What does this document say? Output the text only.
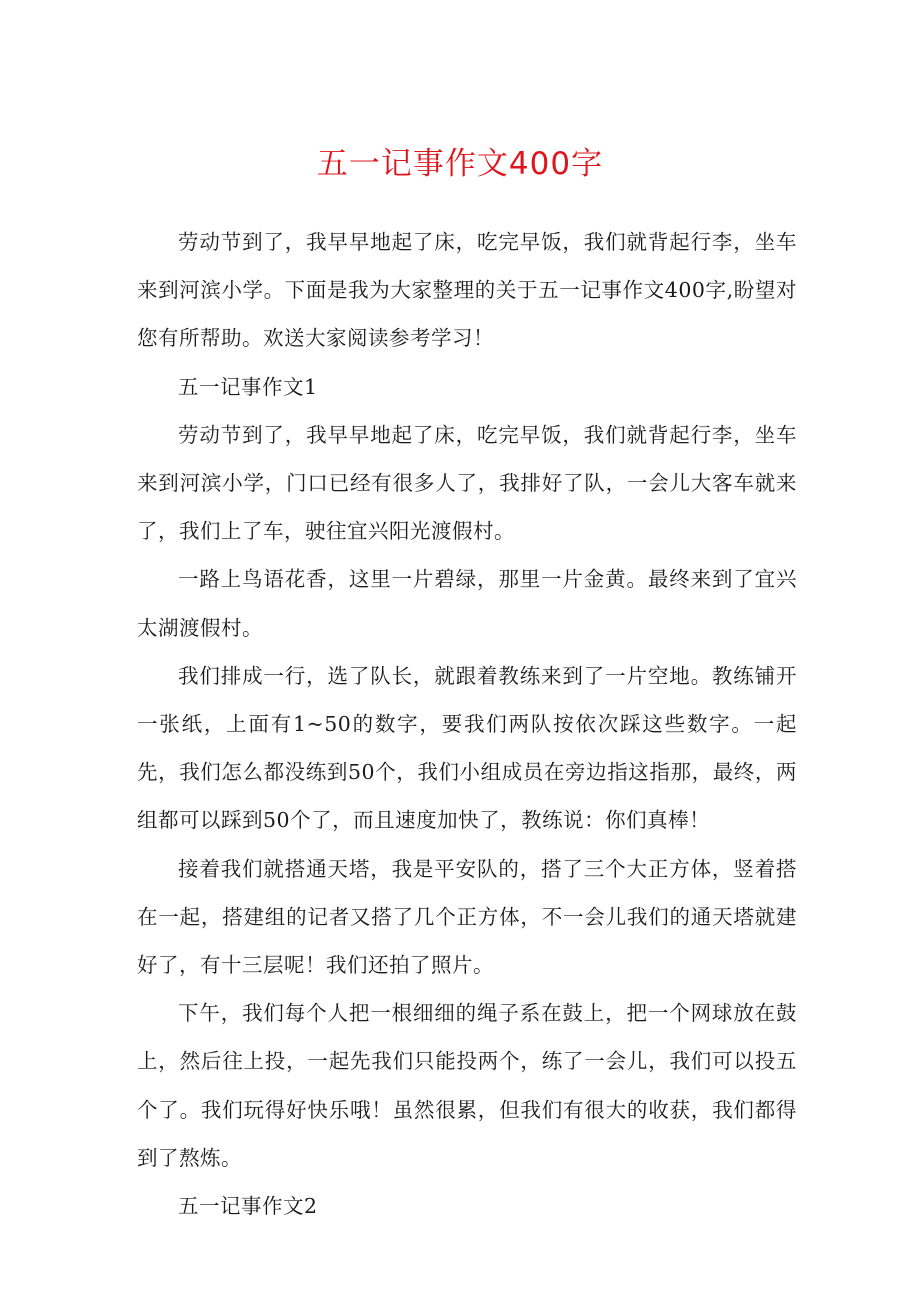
五一记事作文400字

劳动节到了，我早早地起了床，吃完早饭，我们就背起行李，坐车来到河滨小学。下面是我为大家整理的关于五一记事作文400字,盼望对您有所帮助。欢送大家阅读参考学习！

五一记事作文1

劳动节到了，我早早地起了床，吃完早饭，我们就背起行李，坐车来到河滨小学，门口已经有很多人了，我排好了队，一会儿大客车就来了，我们上了车，驶往宜兴阳光渡假村。

一路上鸟语花香，这里一片碧绿，那里一片金黄。最终来到了宜兴太湖渡假村。

我们排成一行，选了队长，就跟着教练来到了一片空地。教练铺开一张纸，上面有1~50的数字，要我们两队按依次踩这些数字。一起先，我们怎么都没练到50个，我们小组成员在旁边指这指那，最终，两组都可以踩到50个了，而且速度加快了，教练说：你们真棒！

接着我们就搭通天塔，我是平安队的，搭了三个大正方体，竖着搭在一起，搭建组的记者又搭了几个正方体，不一会儿我们的通天塔就建好了，有十三层呢！我们还拍了照片。

下午，我们每个人把一根细细的绳子系在鼓上，把一个网球放在鼓上，然后往上投，一起先我们只能投两个，练了一会儿，我们可以投五个了。我们玩得好快乐哦！虽然很累，但我们有很大的收获，我们都得到了熬炼。

五一记事作文2
